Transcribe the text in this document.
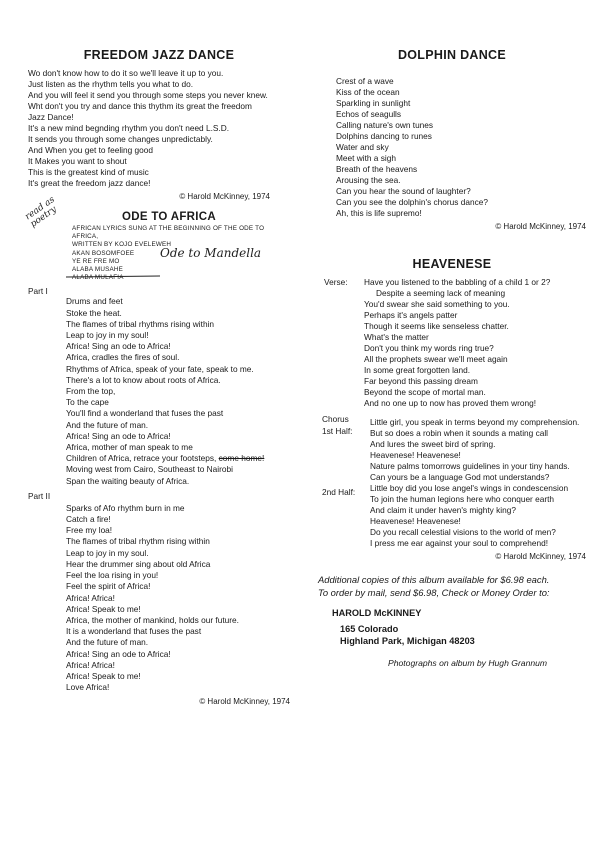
FREEDOM JAZZ DANCE
Wo don't know how to do it so we'll leave it up to you.
Just listen as the rhythm tells you what to do.
And you will feel it send you through some steps you never knew.
Wht don't you try and dance this thythm its great the freedom
Jazz Dance!
It's a new mind begnding rhythm you don't need L.S.D.
It sends you through some changes unpredictably.
And When you get to feeling good
It Makes you want to shout
This is the greatest kind of music
It's great the freedom jazz dance!
© Harold McKinney, 1974
read as poetry	ODE TO AFRICA
AFRICAN LYRICS SUNG AT THE BEGINNING OF THE ODE TO AFRICA,
WRITTEN BY KOJO EVELEWEH
AKAN BOSOMFOEE
YE RE FRE MO
ALABA MUSAHE
ALABA MULAFIA
Ode to Mandella
Part I
Drums and feet
Stoke the heat.
The flames of tribal rhythms rising within
Leap to joy in my soul!
Africa! Sing an ode to Africa!
Africa, cradles the fires of soul.
Rhythms of Africa, speak of your fate, speak to me.
There's a lot to know about roots of Africa.
From the top,
To the cape
You'll find a wonderland that fuses the past
And the future of man.
Africa! Sing an ode to Africa!
Africa, mother of man speak to me
Children of Africa, retrace your footsteps, come home!
Moving west from Cairo, Southeast to Nairobi
Span the waiting beauty of Africa.
Part II
Sparks of Afo rhythm burn in me
Catch a fire!
Free my loa!
The flames of tribal rhythm rising within
Leap to joy in my soul.
Hear the drummer sing about old Africa
Feel the loa rising in you!
Feel the spirit of Africa!
Africa! Africa!
Africa! Speak to me!
Africa, the mother of mankind, holds our future.
It is a wonderland that fuses the past
And the future of man.
Africa! Sing an ode to Africa!
Africa! Africa!
Africa! Speak to me!
Love Africa!
© Harold McKinney, 1974
DOLPHIN DANCE
Crest of a wave
Kiss of the ocean
Sparkling in sunlight
Echos of seagulls
Calling nature's own tunes
Dolphins dancing to runes
Water and sky
Meet with a sigh
Breath of the heavens
Arousing the sea.
Can you hear the sound of laughter?
Can you see the dolphin's chorus dance?
Ah, this is life supremo!
© Harold McKinney, 1974
HEAVENESE
Verse: Have you listened to the babbling of a child 1 or 2?
Despite a seeming lack of meaning
You'd swear she said something to you.
Perhaps it's angels patter
Though it seems like senseless chatter.
What's the matter
Don't you think my words ring true?
All the prophets swear we'll meet again
In some great forgotten land.
Far beyond this passing dream
Beyond the scope of mortal man.
And no one up to now has proved them wrong!
Chorus
1st Half:
Little girl, you speak in terms beyond my comprehension.
But so does a robin when it sounds a mating call
And lures the sweet bird of spring.
Heavenese! Heavenese!
Nature palms tomorrows guidelines in your tiny hands.
Can yours be a language God mot understands?
2nd Half: Little boy did you lose angel's wings in condescension
To join the human legions here who conquer earth
And claim it under haven's mighty king?
Heavenese! Heavenese!
Do you recall celestial visions to the world of men?
I press me ear against your soul to comprehend!
© Harold McKinney, 1974
Additional copies of this album available for $6.98 each.
To order by mail, send $6.98, Check or Money Order to:
HAROLD McKINNEY
165 Colorado
Highland Park, Michigan 48203
Photographs on album by Hugh Grannum
